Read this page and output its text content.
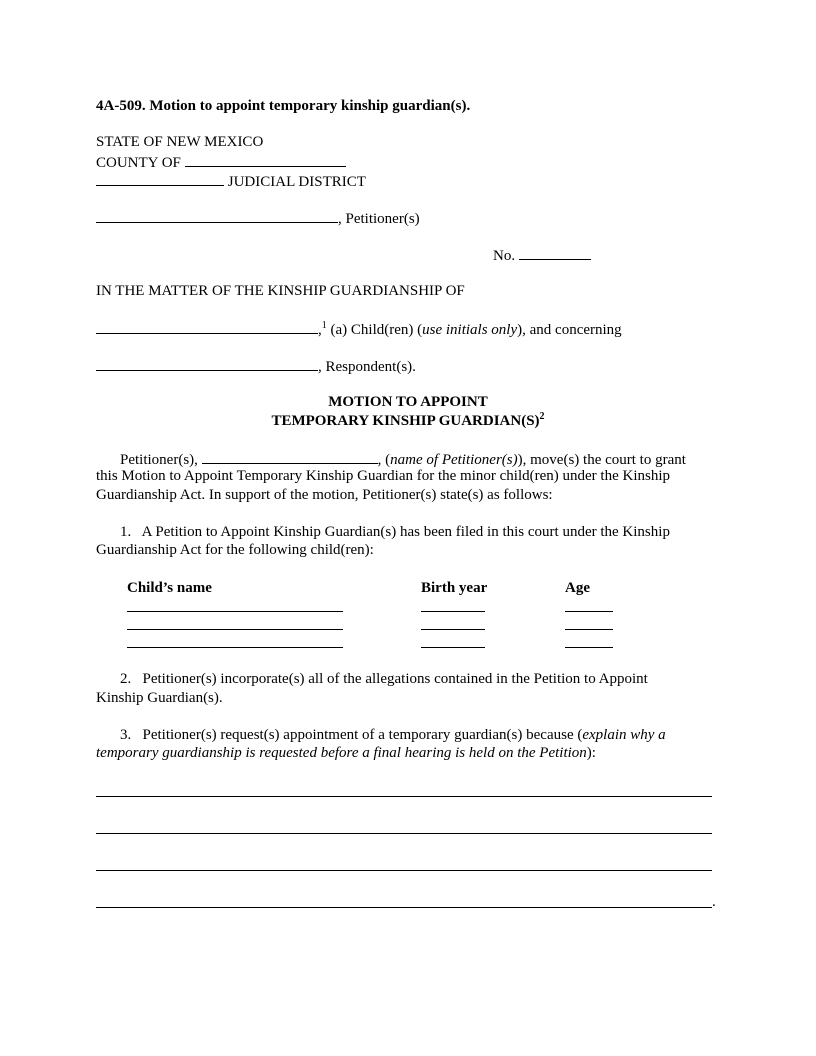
4A-509. Motion to appoint temporary kinship guardian(s).
STATE OF NEW MEXICO
COUNTY OF
JUDICIAL DISTRICT
, Petitioner(s)
No.
IN THE MATTER OF THE KINSHIP GUARDIANSHIP OF
,$^1$ (a) Child(ren) (use initials only), and concerning
, Respondent(s).
MOTION TO APPOINT
TEMPORARY KINSHIP $GUARDIAN(S)^2$
Petitioner(s),	, (name of Petitioner(s)), move(s) the court to grant
this Motion to Appoint Temporary Kinship Guardian for the minor child(ren) under the Kinship
Guardianship Act. In support of the motion, Petitioner(s) state(s) as follows:
1.   A Petition to Appoint Kinship Guardian(s) has been filed in this court under the Kinship
Guardianship Act for the following child(ren):
Child’s name	Birth year	Age
2.   Petitioner(s) incorporate(s) all of the allegations contained in the Petition to Appoint
Kinship Guardian(s).
3.   Petitioner(s) request(s) appointment of a temporary guardian(s) because (explain why a
temporary guardianship is requested before a final hearing is held on the Petition):
.
